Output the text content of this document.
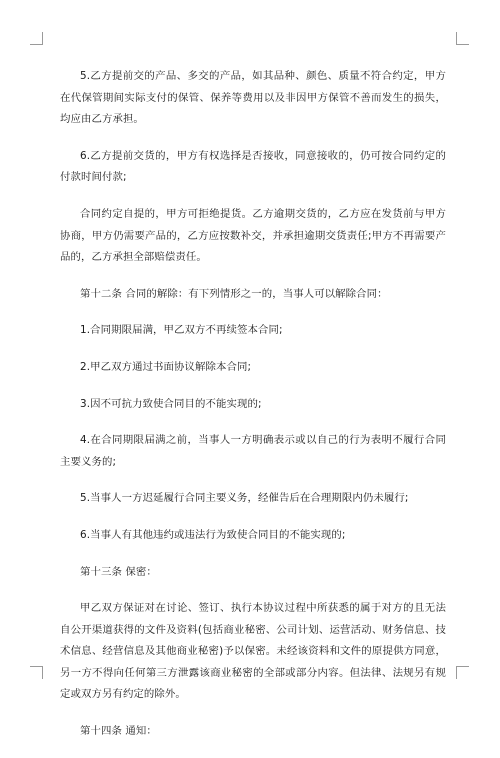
5.乙方提前交的产品、多交的产品，如其品种、颜色、质量不符合约定，甲方在代保管期间实际支付的保管、保养等费用以及非因甲方保管不善而发生的损失，均应由乙方承担。

6.乙方提前交货的，甲方有权选择是否接收，同意接收的，仍可按合同约定的付款时间付款;

合同约定自提的，甲方可拒绝提货。乙方逾期交货的，乙方应在发货前与甲方协商，甲方仍需要产品的，乙方应按数补交，并承担逾期交货责任;甲方不再需要产品的，乙方承担全部赔偿责任。

第十二条 合同的解除：有下列情形之一的，当事人可以解除合同：

1.合同期限届满，甲乙双方不再续签本合同;

2.甲乙双方通过书面协议解除本合同;

3.因不可抗力致使合同目的不能实现的;

4.在合同期限届满之前，当事人一方明确表示或以自己的行为表明不履行合同主要义务的;

5.当事人一方迟延履行合同主要义务，经催告后在合理期限内仍未履行;

6.当事人有其他违约或违法行为致使合同目的不能实现的;

第十三条 保密：

甲乙双方保证对在讨论、签订、执行本协议过程中所获悉的属于对方的且无法自公开渠道获得的文件及资料(包括商业秘密、公司计划、运营活动、财务信息、技术信息、经营信息及其他商业秘密)予以保密。未经该资料和文件的原提供方同意，另一方不得向任何第三方泄露该商业秘密的全部或部分内容。但法律、法规另有规定或双方另有约定的除外。

第十四条 通知：
